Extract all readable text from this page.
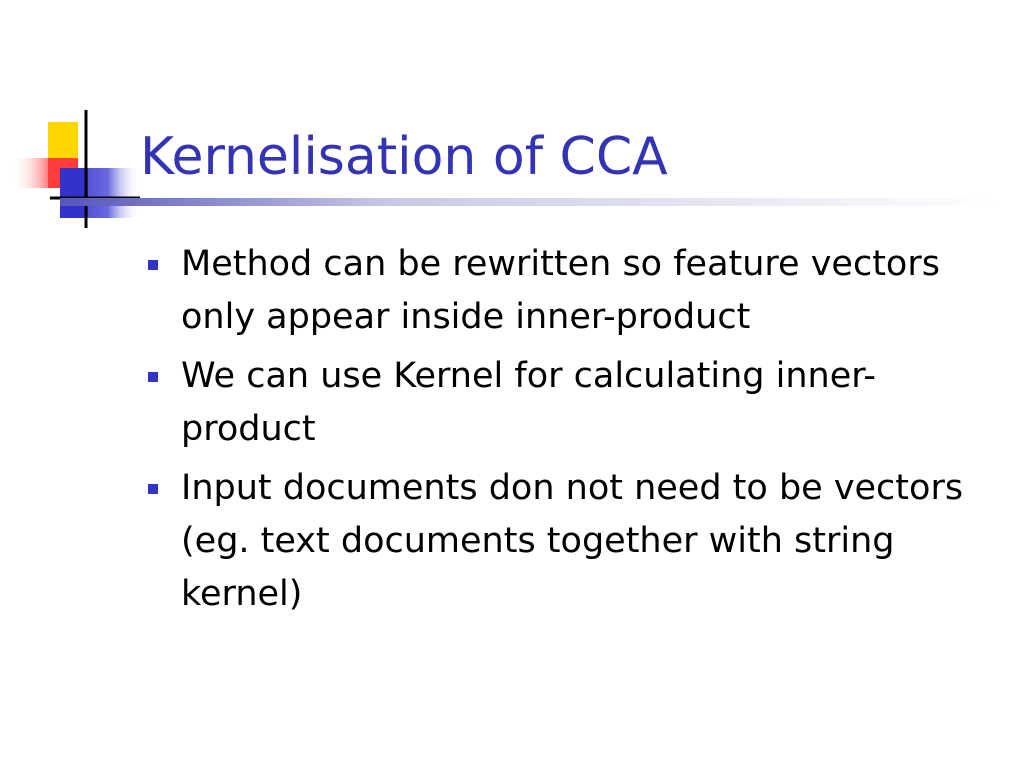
Kernelisation of CCA
Method can be rewritten so feature vectors only appear inside inner-product
We can use Kernel for calculating inner-product
Input documents don not need to be vectors (eg. text documents together with string kernel)
